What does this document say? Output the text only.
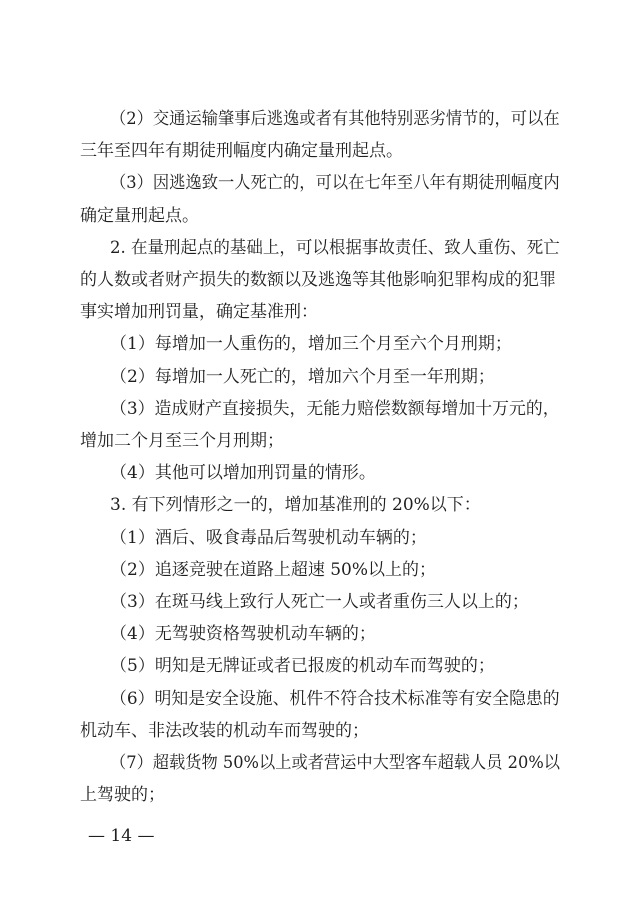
（2）交通运输肇事后逃逸或者有其他特别恶劣情节的，可以在
三年至四年有期徒刑幅度内确定量刑起点。
（3）因逃逸致一人死亡的，可以在七年至八年有期徒刑幅度内
确定量刑起点。
2. 在量刑起点的基础上，可以根据事故责任、致人重伤、死亡
的人数或者财产损失的数额以及逃逸等其他影响犯罪构成的犯罪
事实增加刑罚量，确定基准刑：
（1）每增加一人重伤的，增加三个月至六个月刑期；
（2）每增加一人死亡的，增加六个月至一年刑期；
（3）造成财产直接损失，无能力赔偿数额每增加十万元的，
增加二个月至三个月刑期；
（4）其他可以增加刑罚量的情形。
3. 有下列情形之一的，增加基准刑的 20%以下：
（1）酒后、吸食毒品后驾驶机动车辆的；
（2）追逐竞驶在道路上超速 50%以上的；
（3）在斑马线上致行人死亡一人或者重伤三人以上的；
（4）无驾驶资格驾驶机动车辆的；
（5）明知是无牌证或者已报废的机动车而驾驶的；
（6）明知是安全设施、机件不符合技术标准等有安全隐患的
机动车、非法改装的机动车而驾驶的；
（7）超载货物 50%以上或者营运中大型客车超载人员 20%以
上驾驶的；
— 14 —
